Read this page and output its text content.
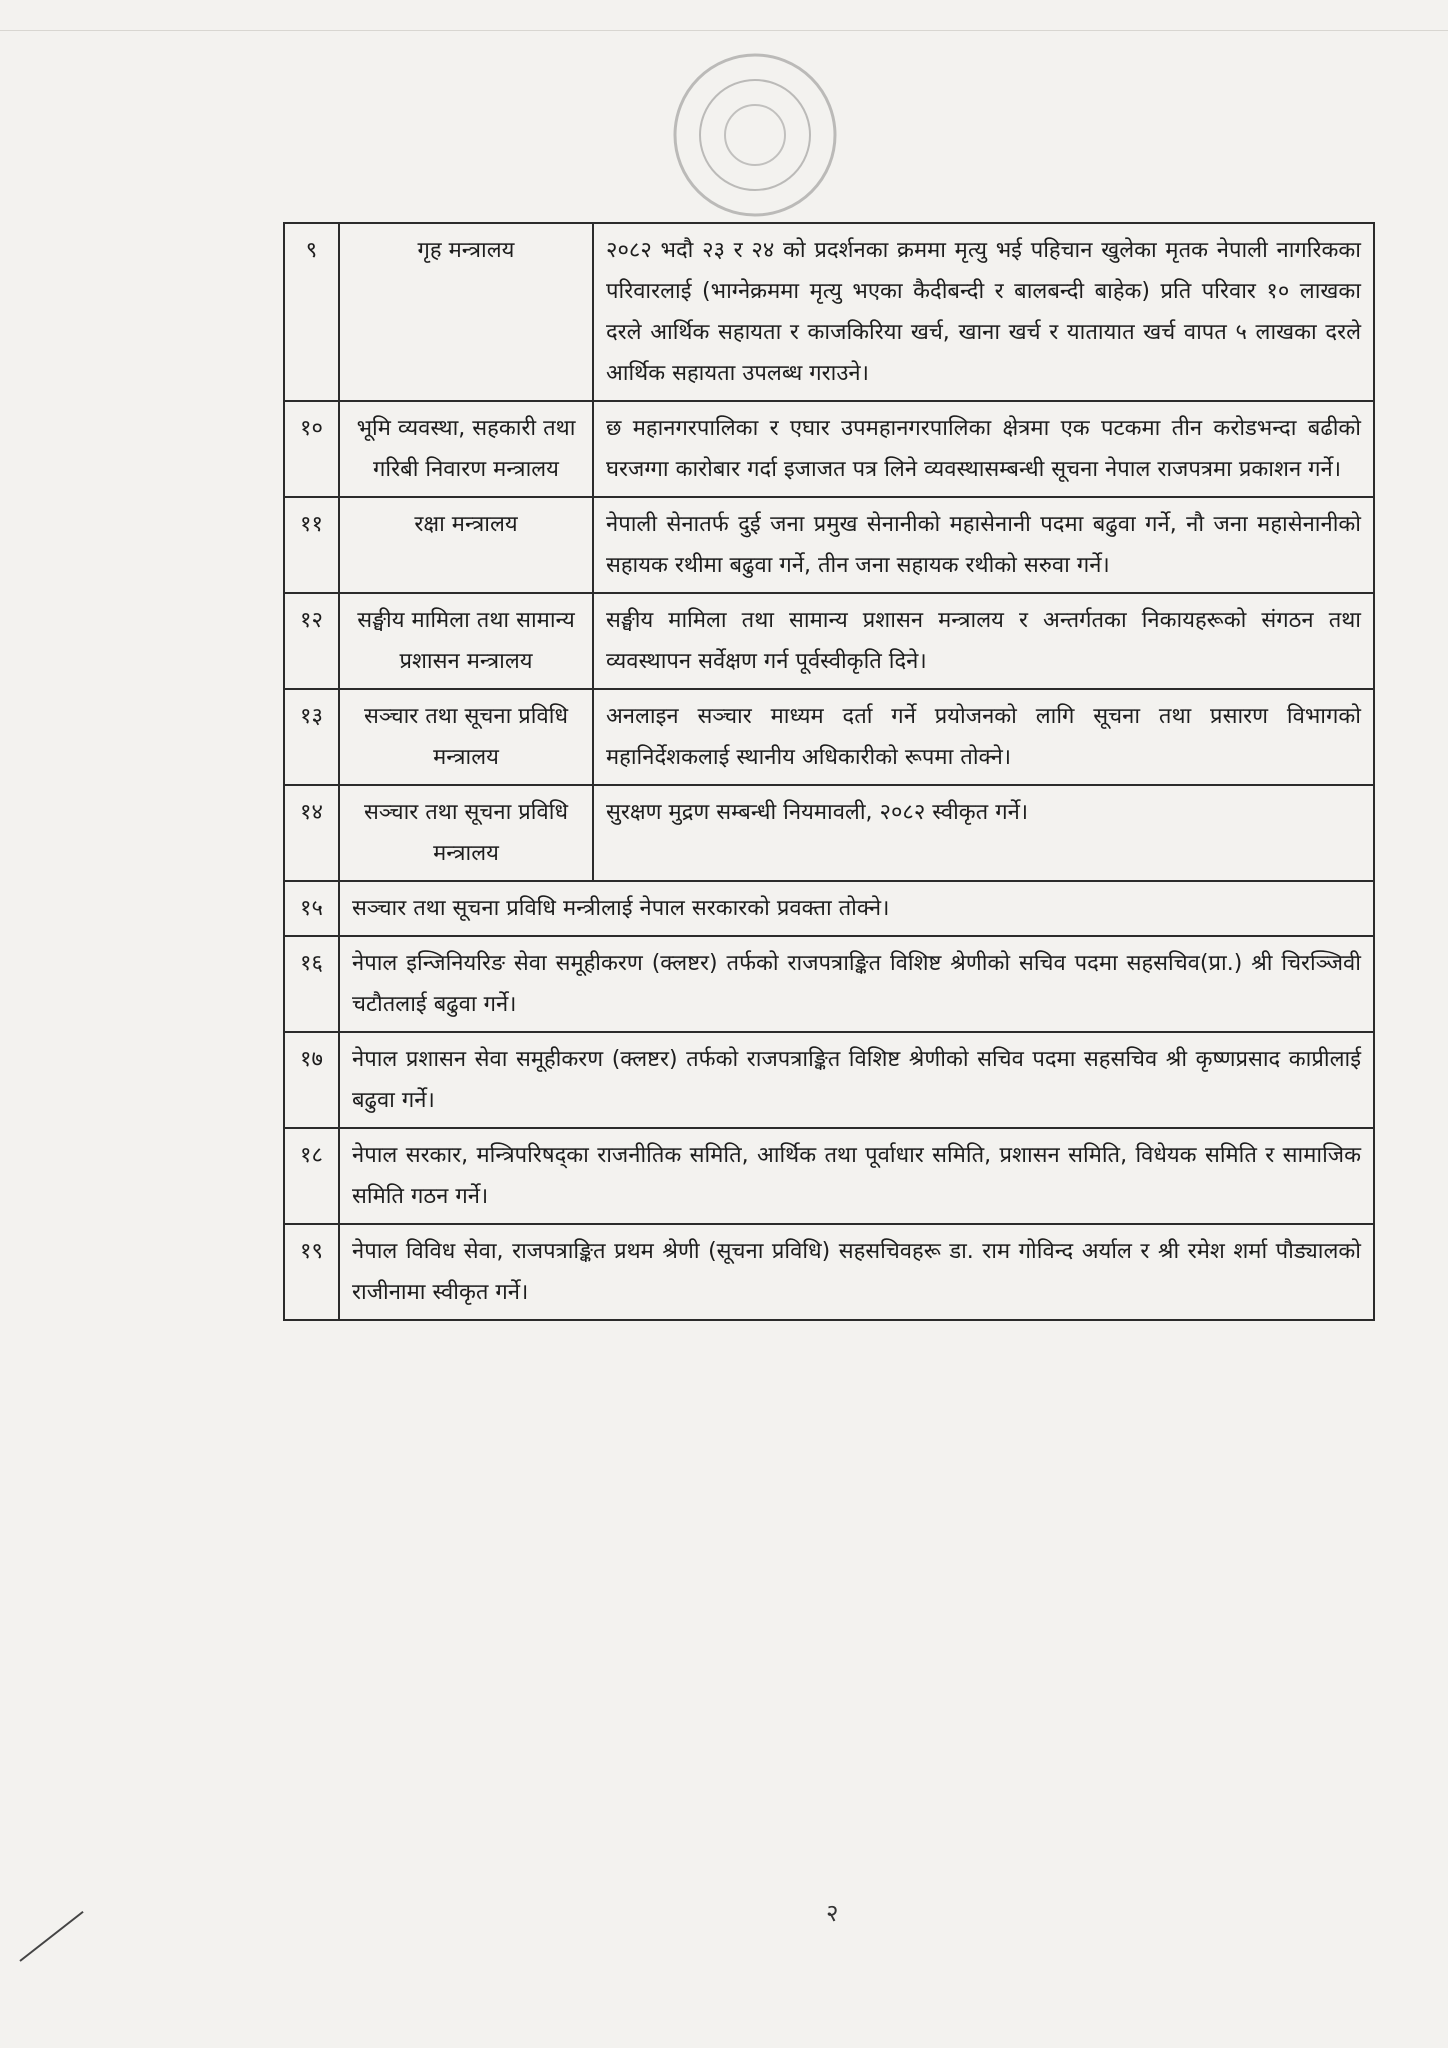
९	गृह मन्त्रालय	२०८२ भदौ २३ र २४ को प्रदर्शनका क्रममा मृत्यु भई पहिचान खुलेका मृतक नेपाली नागरिकका परिवारलाई (भाग्नेक्रममा मृत्यु भएका कैदीबन्दी र बालबन्दी बाहेक) प्रति परिवार १० लाखका दरले आर्थिक सहायता र काजकिरिया खर्च, खाना खर्च र यातायात खर्च वापत ५ लाखका दरले आर्थिक सहायता उपलब्ध गराउने।
१०	भूमि व्यवस्था, सहकारी तथा गरिबी निवारण मन्त्रालय	छ महानगरपालिका र एघार उपमहानगरपालिका क्षेत्रमा एक पटकमा तीन करोडभन्दा बढीको घरजग्गा कारोबार गर्दा इजाजत पत्र लिने व्यवस्थासम्बन्धी सूचना नेपाल राजपत्रमा प्रकाशन गर्ने।
११	रक्षा मन्त्रालय	नेपाली सेनातर्फ दुई जना प्रमुख सेनानीको महासेनानी पदमा बढुवा गर्ने, नौ जना महासेनानीको सहायक रथीमा बढुवा गर्ने, तीन जना सहायक रथीको सरुवा गर्ने।
१२	सङ्घीय मामिला तथा सामान्य प्रशासन मन्त्रालय	सङ्घीय मामिला तथा सामान्य प्रशासन मन्त्रालय र अन्तर्गतका निकायहरूको संगठन तथा व्यवस्थापन सर्वेक्षण गर्न पूर्वस्वीकृति दिने।
१३	सञ्चार तथा सूचना प्रविधि मन्त्रालय	अनलाइन सञ्चार माध्यम दर्ता गर्ने प्रयोजनको लागि सूचना तथा प्रसारण विभागको महानिर्देशकलाई स्थानीय अधिकारीको रूपमा तोक्ने।
१४	सञ्चार तथा सूचना प्रविधि मन्त्रालय	सुरक्षण मुद्रण सम्बन्धी नियमावली, २०८२ स्वीकृत गर्ने।
१५	सञ्चार तथा सूचना प्रविधि मन्त्रीलाई नेपाल सरकारको प्रवक्ता तोक्ने।	
१६	नेपाल इन्जिनियरिङ सेवा समूहीकरण (क्लष्टर) तर्फको राजपत्राङ्कित विशिष्ट श्रेणीको सचिव पदमा सहसचिव(प्रा.) श्री चिरञ्जिवी चटौतलाई बढुवा गर्ने।	
१७	नेपाल प्रशासन सेवा समूहीकरण (क्लष्टर) तर्फको राजपत्राङ्कित विशिष्ट श्रेणीको सचिव पदमा सहसचिव श्री कृष्णप्रसाद काप्रीलाई बढुवा गर्ने।	
१८	नेपाल सरकार, मन्त्रिपरिषद्का राजनीतिक समिति, आर्थिक तथा पूर्वाधार समिति, प्रशासन समिति, विधेयक समिति र सामाजिक समिति गठन गर्ने।	
१९	नेपाल विविध सेवा, राजपत्राङ्कित प्रथम श्रेणी (सूचना प्रविधि) सहसचिवहरू डा. राम गोविन्द अर्याल र श्री रमेश शर्मा पौड्यालको राजीनामा स्वीकृत गर्ने।	
२
